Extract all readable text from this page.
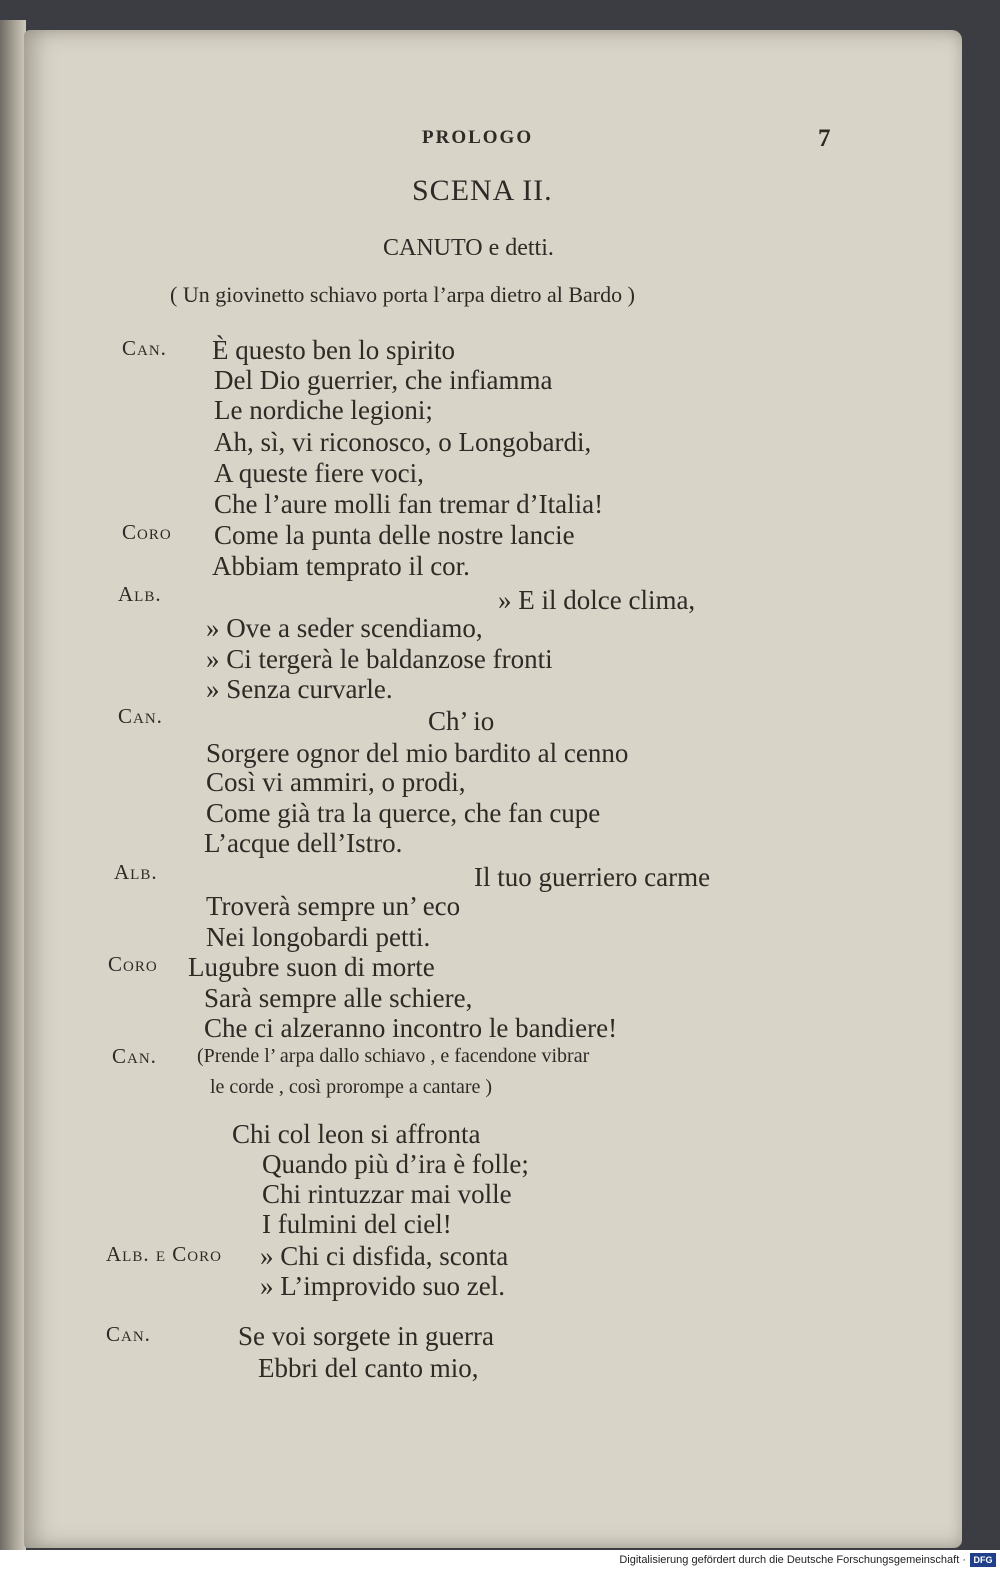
PROLOGO	7
SCENA II.
CANUTO e detti.
( Un giovinetto schiavo porta l’arpa dietro al Bardo )
Can. È questo ben lo spirito
Del Dio guerrier, che infiamma
Le nordiche legioni;
Ah, sì, vi riconosco, o Longobardi,
A queste fiere voci,
Che l’aure molli fan tremar d’Italia!
Coro Come la punta delle nostre lancie
Abbiam temprato il cor.
Alb.	» E il dolce clima,
» Ove a seder scendiamo,
» Ci tergerà le baldanzose fronti
» Senza curvarle.
Can.	Ch’ io
Sorgere ognor del mio bardito al cenno
Così vi ammiri, o prodi,
Come già tra la querce, che fan cupe
L’acque dell’Istro.
Alb.	Il tuo guerriero carme
Troverà sempre un’ eco
Nei longobardi petti.
Coro Lugubre suon di morte
Sarà sempre alle schiere,
Che ci alzeranno incontro le bandiere!
Can. (Prende l’ arpa dallo schiavo , e facendone vibrar
le corde , così prorompe a cantare )
Chi col leon si affronta
Quando più d’ira è folle;
Chi rintuzzar mai volle
I fulmini del ciel!
Alb. e Coro » Chi ci disfida, sconta
» L’improvido suo zel.
Can.	Se voi sorgete in guerra
Ebbri del canto mio,
Digitalisierung gefördert durch die Deutsche Forschungsgemeinschaft · DFG
